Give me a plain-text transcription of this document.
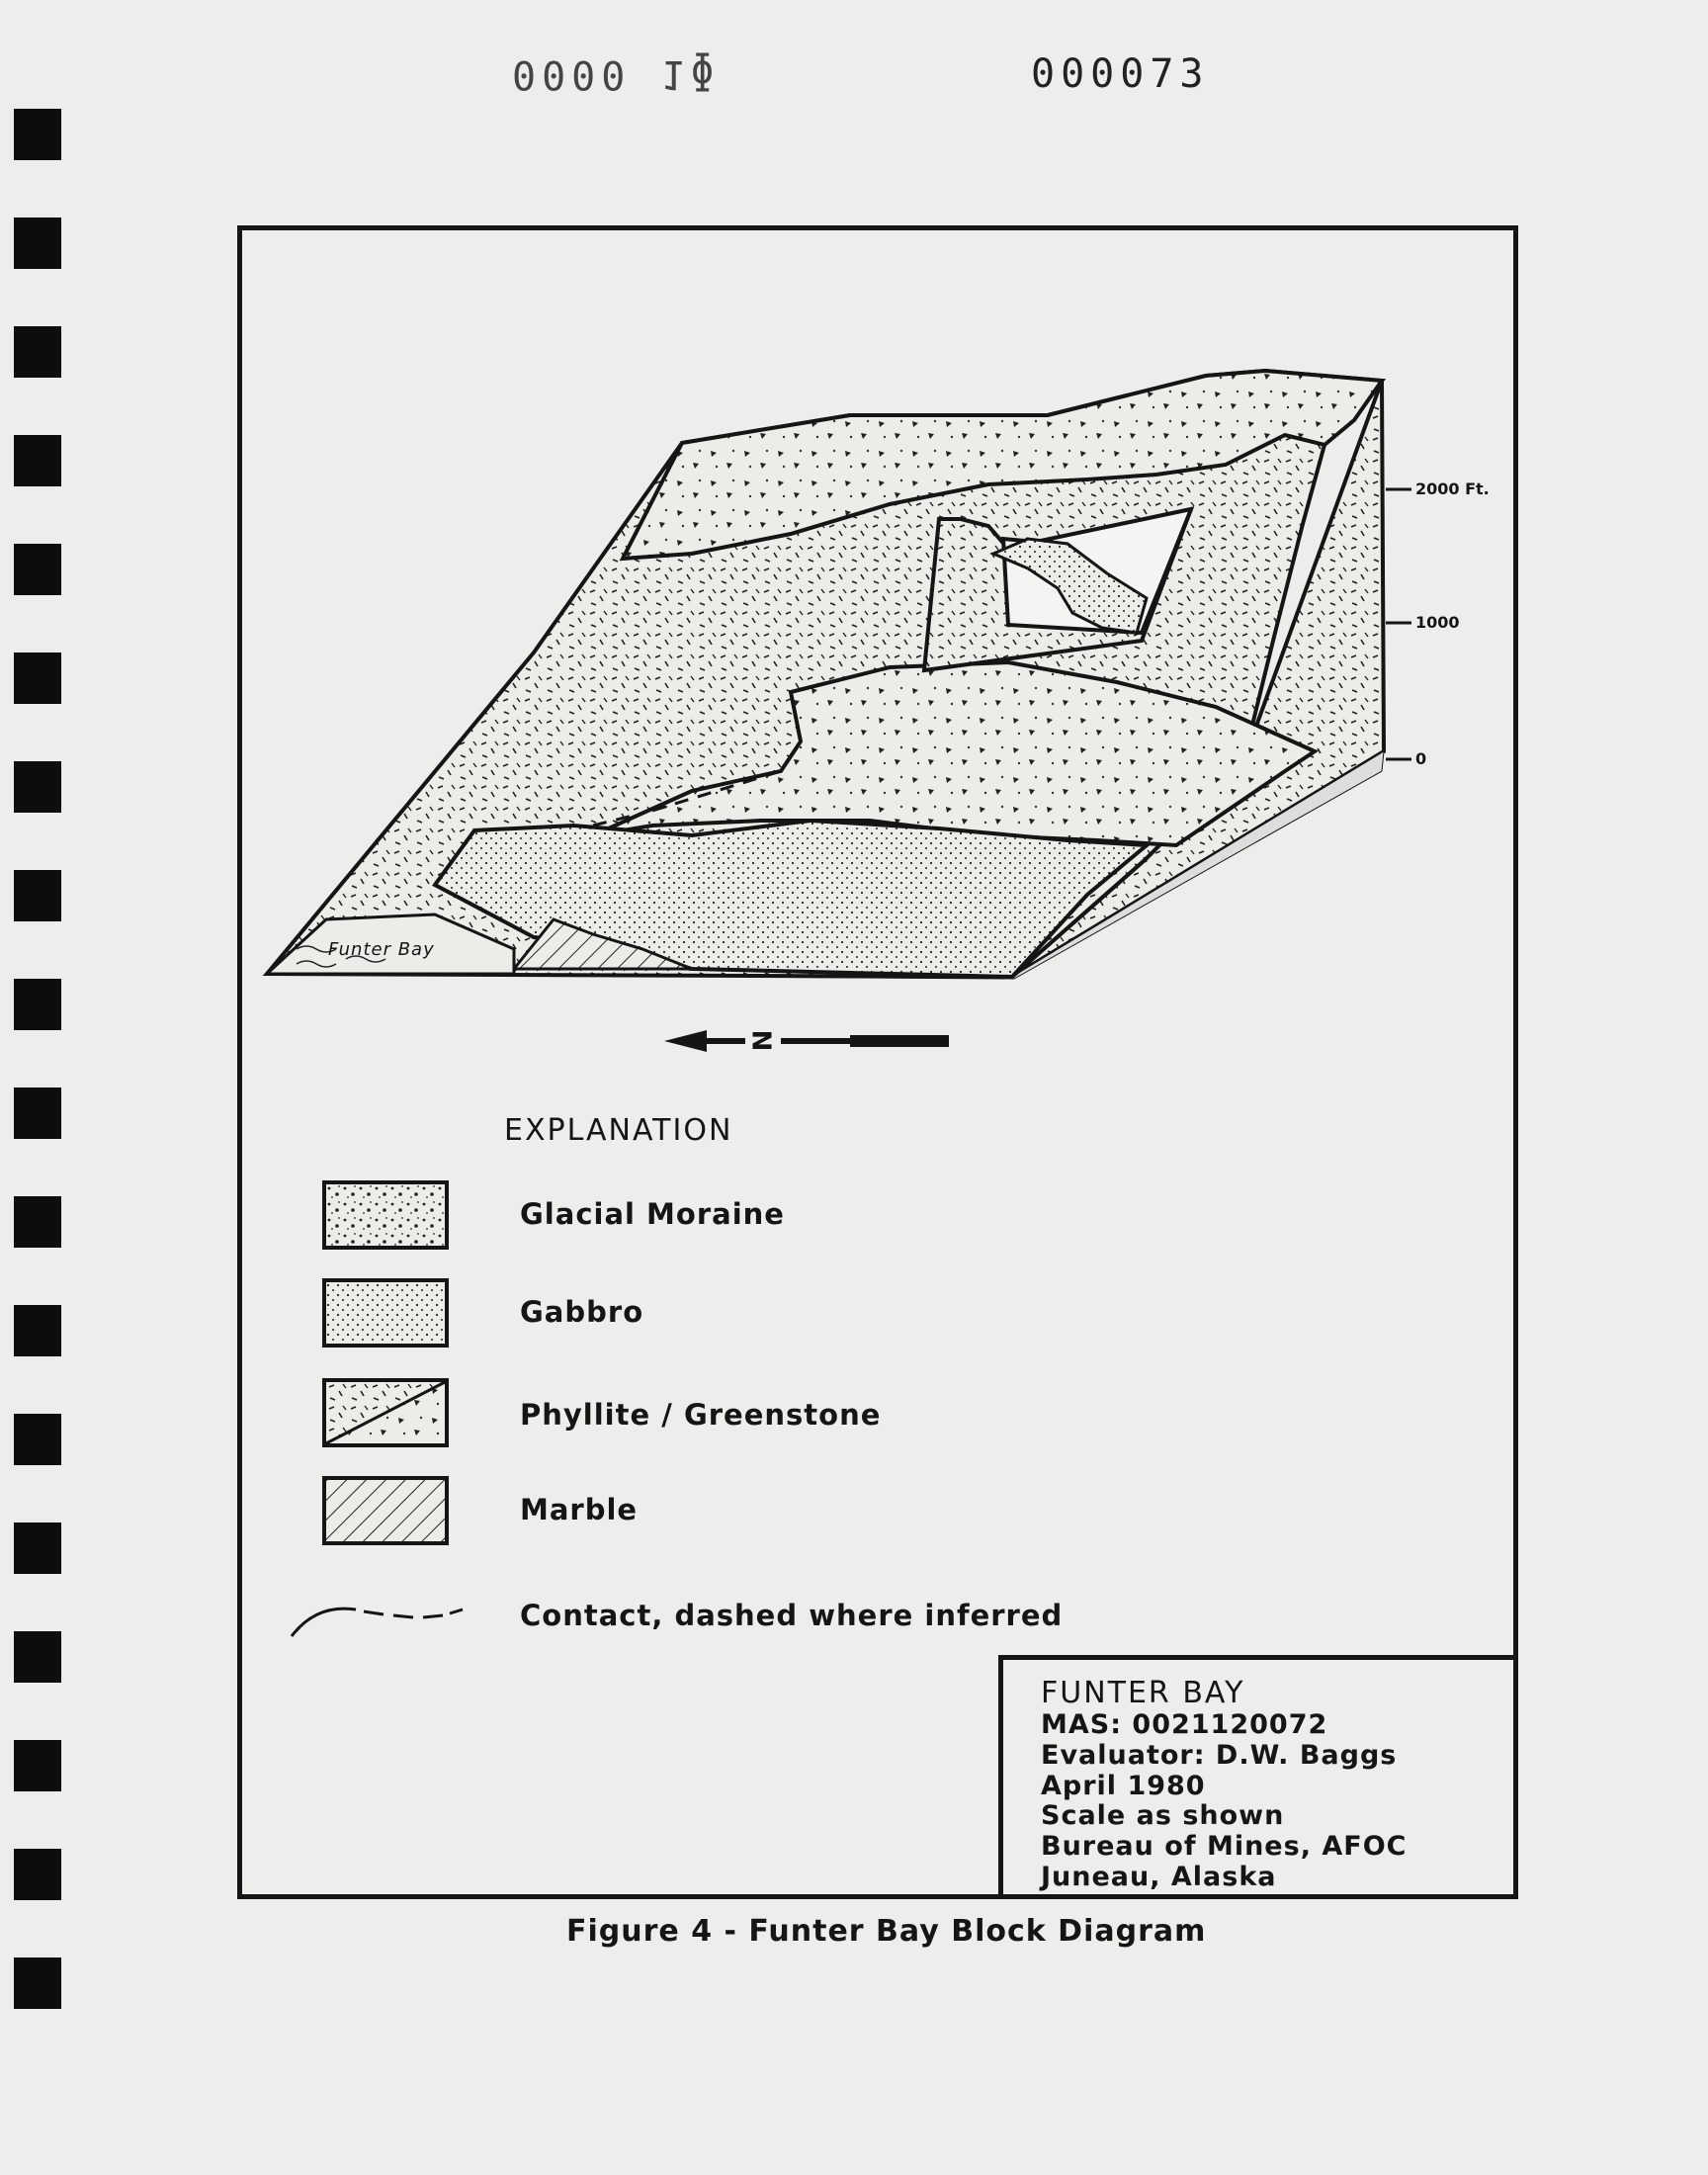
0000 1ɸ	000073
Funter Bay
2000 Ft.
1000
0
N
EXPLANATION
Glacial Moraine
Gabbro
Phyllite / Greenstone
Marble
Contact, dashed where inferred
FUNTER BAY
MAS: 0021120072
Evaluator: D.W. Baggs
April 1980
Scale as shown
Bureau of Mines, AFOC
Juneau, Alaska
Figure 4 - Funter Bay Block Diagram
